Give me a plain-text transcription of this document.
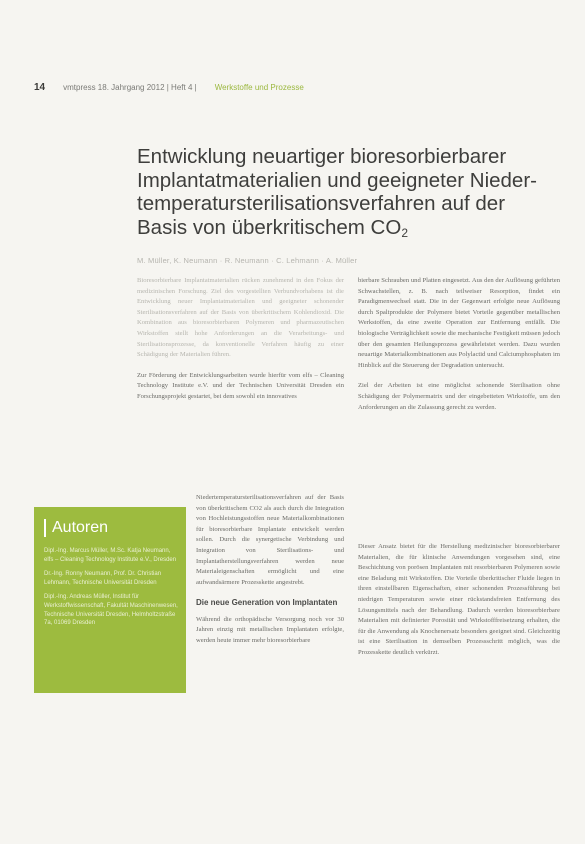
14 vmtpress 18. Jahrgang 2012 | Heft 4 | Werkstoffe und Prozesse
Entwicklung neuartiger bioresorbierbarer Implantatmaterialien und geeigneter Niedertemperatursterilisationsverfahren auf der Basis von überkritischem $CO_2$
M. Müller, K. Neumann · R. Neumann · C. Lehmann · A. Müller

Bioresorbierbare Implantatmaterialien rücken zunehmend in den Fokus der medizinischen Forschung. Ziel des vorgestellten Verbundvorhabens ist die Entwicklung neuer Implantatmaterialien und geeigneter schonender Sterilisationsverfahren auf der Basis von überkritischem Kohlendioxid. Die Kombination aus bioresorbierbaren Polymeren und pharmazeutischen Wirkstoffen stellt hohe Anforderungen an die Verarbeitungs- und Sterilisationsprozesse, da konventionelle Verfahren häufig zu einer Schädigung der Materialien führen.

Zur Förderung der Entwicklungsarbeiten wurde hierfür vom elfs – Cleaning Technology Institute e.V. und der Technischen Universität Dresden ein Forschungsprojekt gestartet, bei dem sowohl ein innovatives

Niedertemperatursterilisationsverfahren auf der Basis von überkritischem CO2 als auch durch die Integration von Hochleistungsstoffen neue Materialkombinationen für bioresorbierbare Implantate entwickelt werden sollen. Durch die synergetische Verbindung und Integration von Sterilisations- und Implantatherstellungsverfahren werden neue Materialeigenschaften ermöglicht und eine aufwandsärmere Prozesskette angestrebt.

Die neue Generation von Implantaten

Während die orthopädische Versorgung noch vor 30 Jahren einzig mit metallischen Implantaten erfolgte, werden heute immer mehr bioresorbierbare

bierbare Schrauben und Platten eingesetzt. Aus den der Auflösung geführten Schwachstellen, z. B. nach teilweiser Resorption, findet ein Paradigmenwechsel statt. Die in der Gegenwart erfolgte neue Auflösung durch Spaltprodukte der Polymere bietet Vorteile gegenüber metallischen Werkstoffen, da eine zweite Operation zur Entfernung entfällt. Die biologische Verträglichkeit sowie die mechanische Festigkeit müssen jedoch über den gesamten Heilungsprozess gewährleistet werden. Dazu wurden neuartige Materialkombinationen aus Polylactid und Calciumphosphaten im Hinblick auf die Steuerung der Degradation untersucht.

Ziel der Arbeiten ist eine möglichst schonende Sterilisation ohne Schädigung der Polymermatrix und der eingebetteten Wirkstoffe, um den Anforderungen an die Zulassung gerecht zu werden.

Dieser Ansatz bietet für die Herstellung medizinischer bioresorbierbarer Materialien, die für klinische Anwendungen vorgesehen sind, eine Beschichtung von porösen Implantaten mit resorbierbaren Polymeren sowie eine Beladung mit Wirkstoffen. Die Vorteile überkritischer Fluide liegen in ihren einstellbaren Eigenschaften, einer schonenden Prozessführung bei niedrigen Temperaturen sowie einer rückstandsfreien Entfernung des Lösungsmittels nach der Behandlung. Dadurch werden bioresorbierbare Materialien mit definierter Porosität und Wirkstofffreisetzung erhalten, die für die Anwendung als Knochenersatz besonders geeignet sind. Gleichzeitig ist eine Sterilisation in demselben Prozessschritt möglich, was die Prozesskette deutlich verkürzt.

Autoren
Dipl.-Ing. Marcus Müller, M.Sc. Katja Neumann, elfs – Cleaning Technology Institute e.V., Dresden
Dr.-Ing. Ronny Neumann, Prof. Dr. Christian Lehmann, Technische Universität Dresden
Dipl.-Ing. Andreas Müller, Institut für Werkstoffwissenschaft, Fakultät Maschinenwesen, Technische Universität Dresden, Helmholtzstraße 7a, 01069 Dresden
